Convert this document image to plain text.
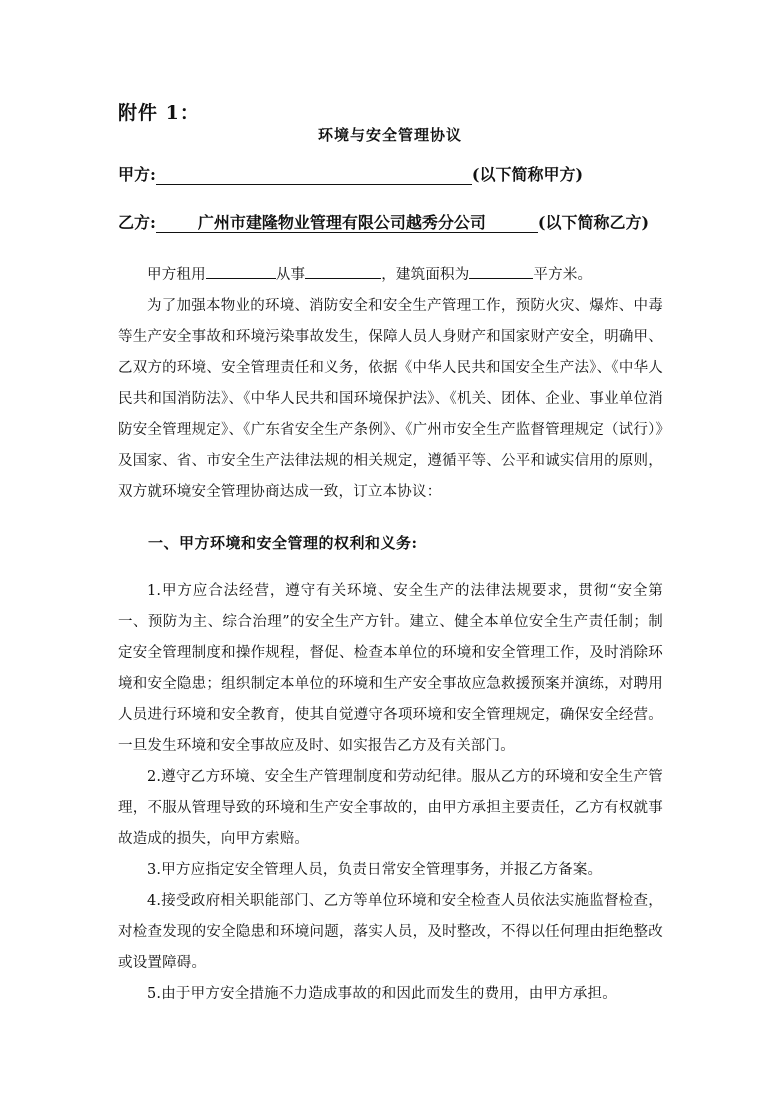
附件 1：
环境与安全管理协议
甲方:	(以下简称甲方)
乙方:	广州市建隆物业管理有限公司越秀分公司	(以下简称乙方)

甲方租用	从事	，建筑面积为	平方米。

为了加强本物业的环境、消防安全和安全生产管理工作，预防火灾、爆炸、中毒等生产安全事故和环境污染事故发生，保障人员人身财产和国家财产安全，明确甲、乙双方的环境、安全管理责任和义务，依据《中华人民共和国安全生产法》、《中华人民共和国消防法》、《中华人民共和国环境保护法》、《机关、团体、企业、事业单位消防安全管理规定》、《广东省安全生产条例》、《广州市安全生产监督管理规定（试行）》及国家、省、市安全生产法律法规的相关规定，遵循平等、公平和诚实信用的原则，双方就环境安全管理协商达成一致，订立本协议：

一、甲方环境和安全管理的权利和义务:

1.甲方应合法经营，遵守有关环境、安全生产的法律法规要求，贯彻“安全第一、预防为主、综合治理”的安全生产方针。建立、健全本单位安全生产责任制；制定安全管理制度和操作规程，督促、检查本单位的环境和安全管理工作，及时消除环境和安全隐患；组织制定本单位的环境和生产安全事故应急救援预案并演练，对聘用人员进行环境和安全教育，使其自觉遵守各项环境和安全管理规定，确保安全经营。一旦发生环境和安全事故应及时、如实报告乙方及有关部门。

2.遵守乙方环境、安全生产管理制度和劳动纪律。服从乙方的环境和安全生产管理，不服从管理导致的环境和生产安全事故的，由甲方承担主要责任，乙方有权就事故造成的损失，向甲方索赔。

3.甲方应指定安全管理人员，负责日常安全管理事务，并报乙方备案。

4.接受政府相关职能部门、乙方等单位环境和安全检查人员依法实施监督检查，对检查发现的安全隐患和环境问题，落实人员，及时整改，不得以任何理由拒绝整改或设置障碍。

5.由于甲方安全措施不力造成事故的和因此而发生的费用，由甲方承担。
